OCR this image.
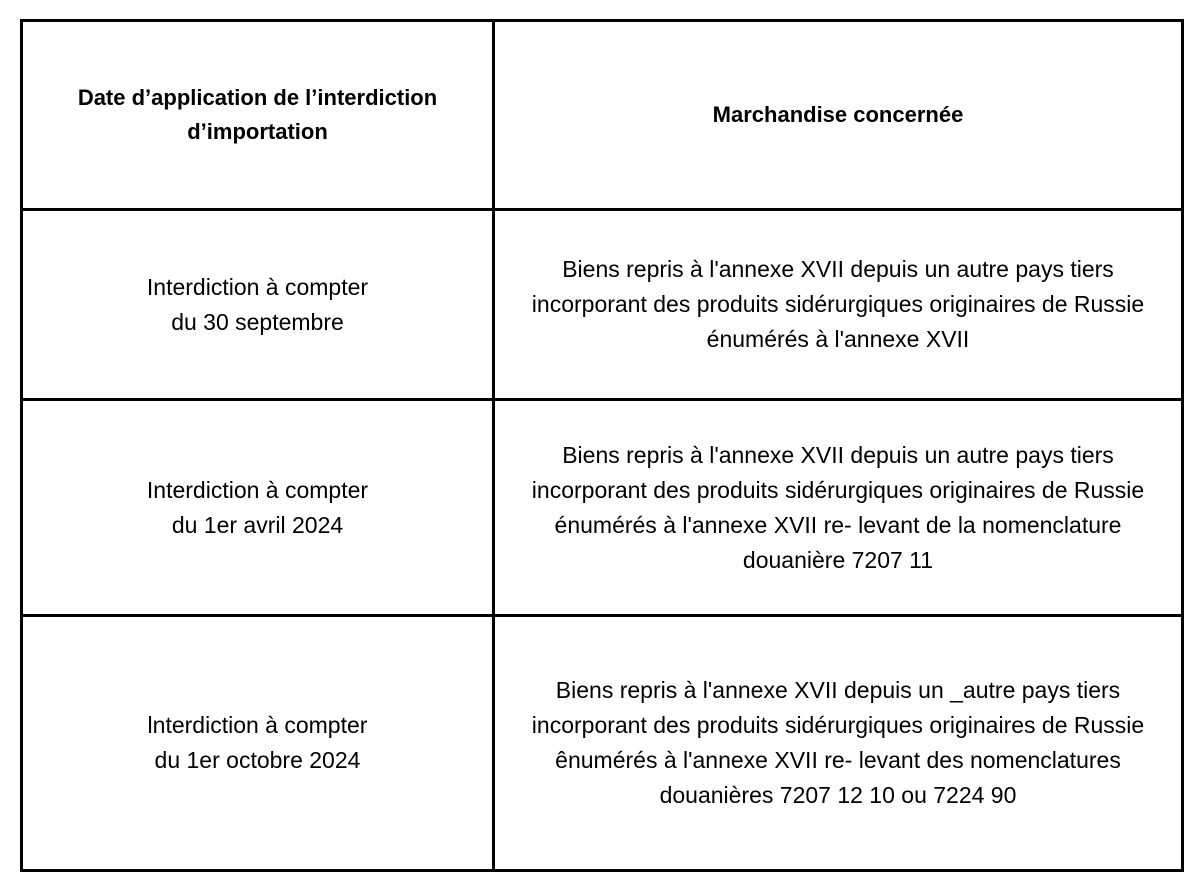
Date d’application de l’interdiction d’importation	Marchandise concernée

Interdiction à compter
du 30 septembre	Biens repris à l'annexe XVII depuis un autre pays tiers incorporant des produits sidérurgiques originaires de Russie énumérés à l'annexe XVII

Interdiction à compter
du 1er avril 2024	Biens repris à l'annexe XVII depuis un autre pays tiers incorporant des produits sidérurgiques originaires de Russie énumérés à l'annexe XVII re- levant de la nomenclature douanière 7207 11

lnterdiction à compter
du 1er octobre 2024	Biens repris à l'annexe XVII depuis un _autre pays tiers incorporant des produits sidérurgiques originaires de Russie ênumérés à l'annexe XVII re- levant des nomenclatures douanières 7207 12 10 ou 7224 90
